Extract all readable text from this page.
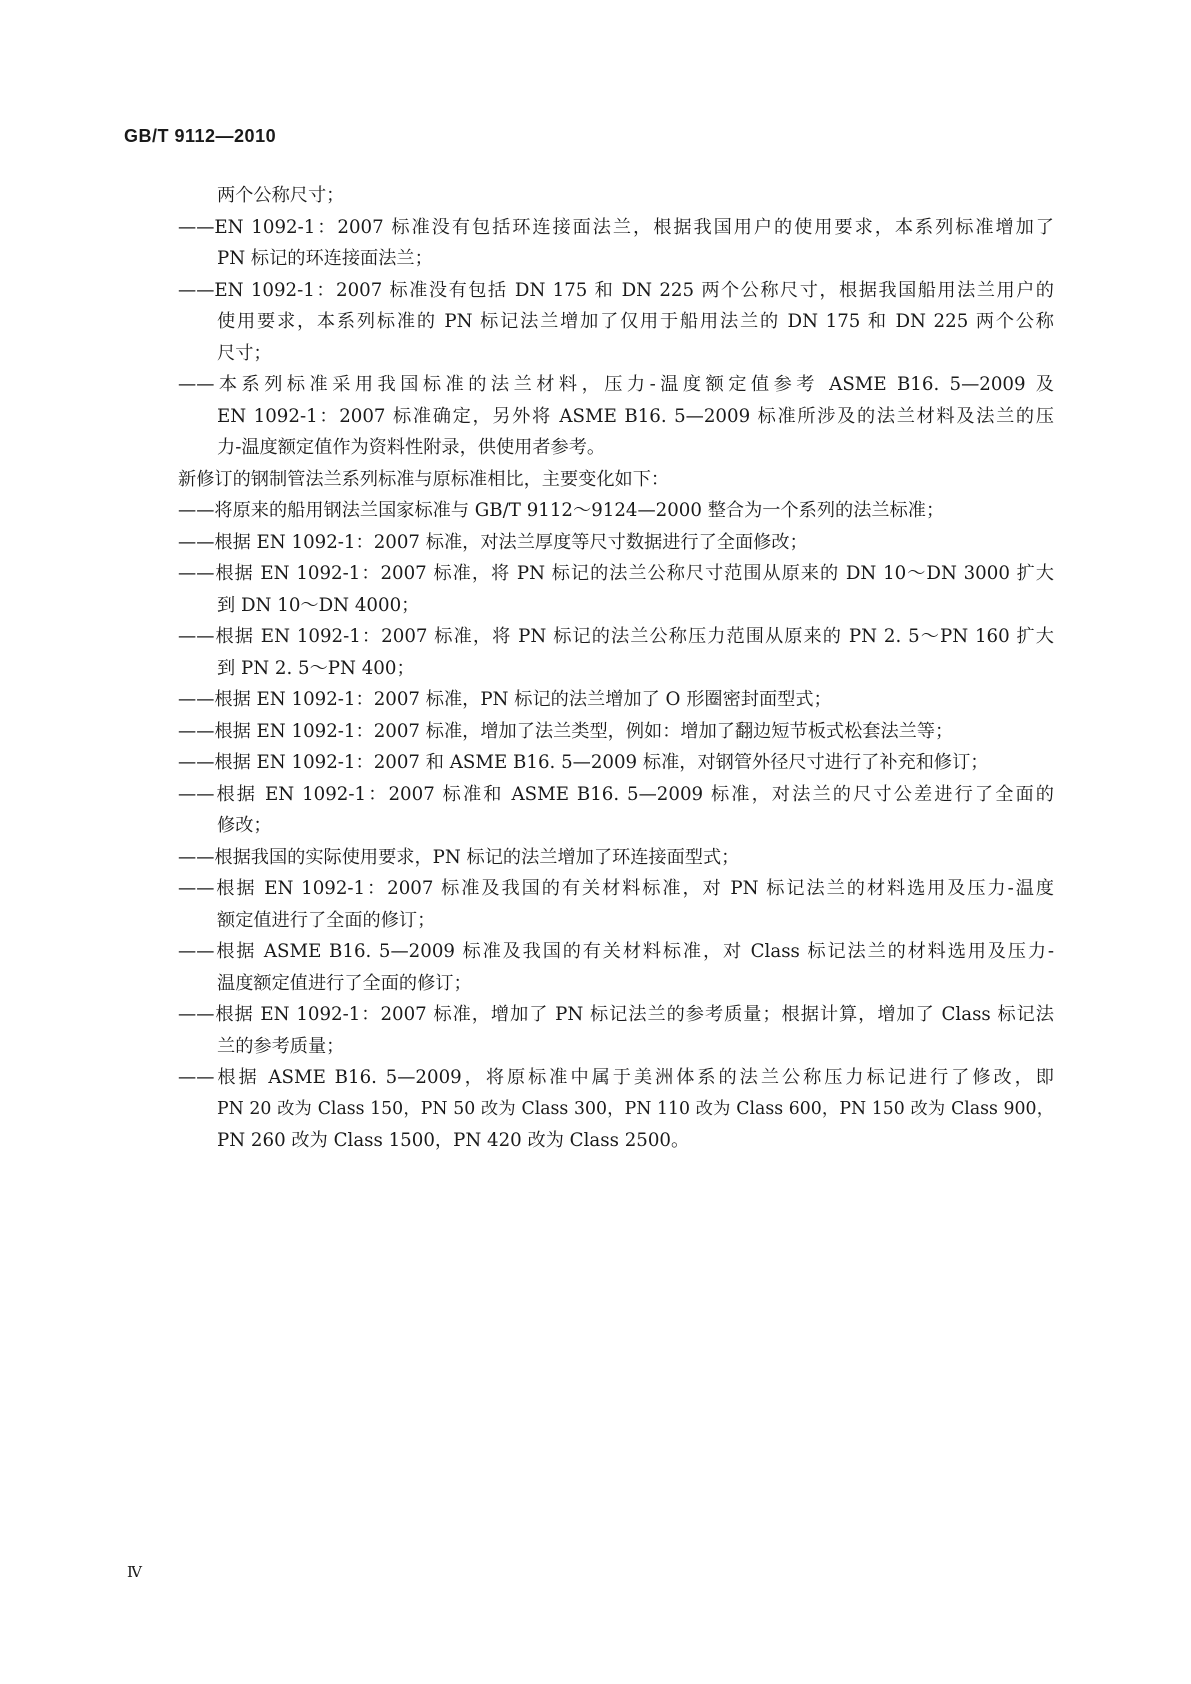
GB/T 9112—2010
两个公称尺寸；
——EN 1092-1：2007 标准没有包括环连接面法兰，根据我国用户的使用要求，本系列标准增加了
PN 标记的环连接面法兰；
——EN 1092-1：2007 标准没有包括 DN 175 和 DN 225 两个公称尺寸，根据我国船用法兰用户的
使用要求，本系列标准的 PN 标记法兰增加了仅用于船用法兰的 DN 175 和 DN 225 两个公称
尺寸；
——本系列标准采用我国标准的法兰材料，压力-温度额定值参考 ASME B16. 5—2009 及
EN 1092-1：2007 标准确定，另外将 ASME B16. 5—2009 标准所涉及的法兰材料及法兰的压
力-温度额定值作为资料性附录，供使用者参考。
新修订的钢制管法兰系列标准与原标准相比，主要变化如下：
——将原来的船用钢法兰国家标准与 GB/T 9112～9124—2000 整合为一个系列的法兰标准；
——根据 EN 1092-1：2007 标准，对法兰厚度等尺寸数据进行了全面修改；
——根据 EN 1092-1：2007 标准，将 PN 标记的法兰公称尺寸范围从原来的 DN 10～DN 3000 扩大
到 DN 10～DN 4000；
——根据 EN 1092-1：2007 标准，将 PN 标记的法兰公称压力范围从原来的 PN 2. 5～PN 160 扩大
到 PN 2. 5～PN 400；
——根据 EN 1092-1：2007 标准，PN 标记的法兰增加了 O 形圈密封面型式；
——根据 EN 1092-1：2007 标准，增加了法兰类型，例如：增加了翻边短节板式松套法兰等；
——根据 EN 1092-1：2007 和 ASME B16. 5—2009 标准，对钢管外径尺寸进行了补充和修订；
——根据 EN 1092-1：2007 标准和 ASME B16. 5—2009 标准，对法兰的尺寸公差进行了全面的
修改；
——根据我国的实际使用要求，PN 标记的法兰增加了环连接面型式；
——根据 EN 1092-1：2007 标准及我国的有关材料标准，对 PN 标记法兰的材料选用及压力-温度
额定值进行了全面的修订；
——根据 ASME B16. 5—2009 标准及我国的有关材料标准，对 Class 标记法兰的材料选用及压力-
温度额定值进行了全面的修订；
——根据 EN 1092-1：2007 标准，增加了 PN 标记法兰的参考质量；根据计算，增加了 Class 标记法
兰的参考质量；
——根据 ASME B16. 5—2009，将原标准中属于美洲体系的法兰公称压力标记进行了修改，即
PN 20 改为 Class 150，PN 50 改为 Class 300，PN 110 改为 Class 600，PN 150 改为 Class 900，
PN 260 改为 Class 1500，PN 420 改为 Class 2500。
Ⅳ
